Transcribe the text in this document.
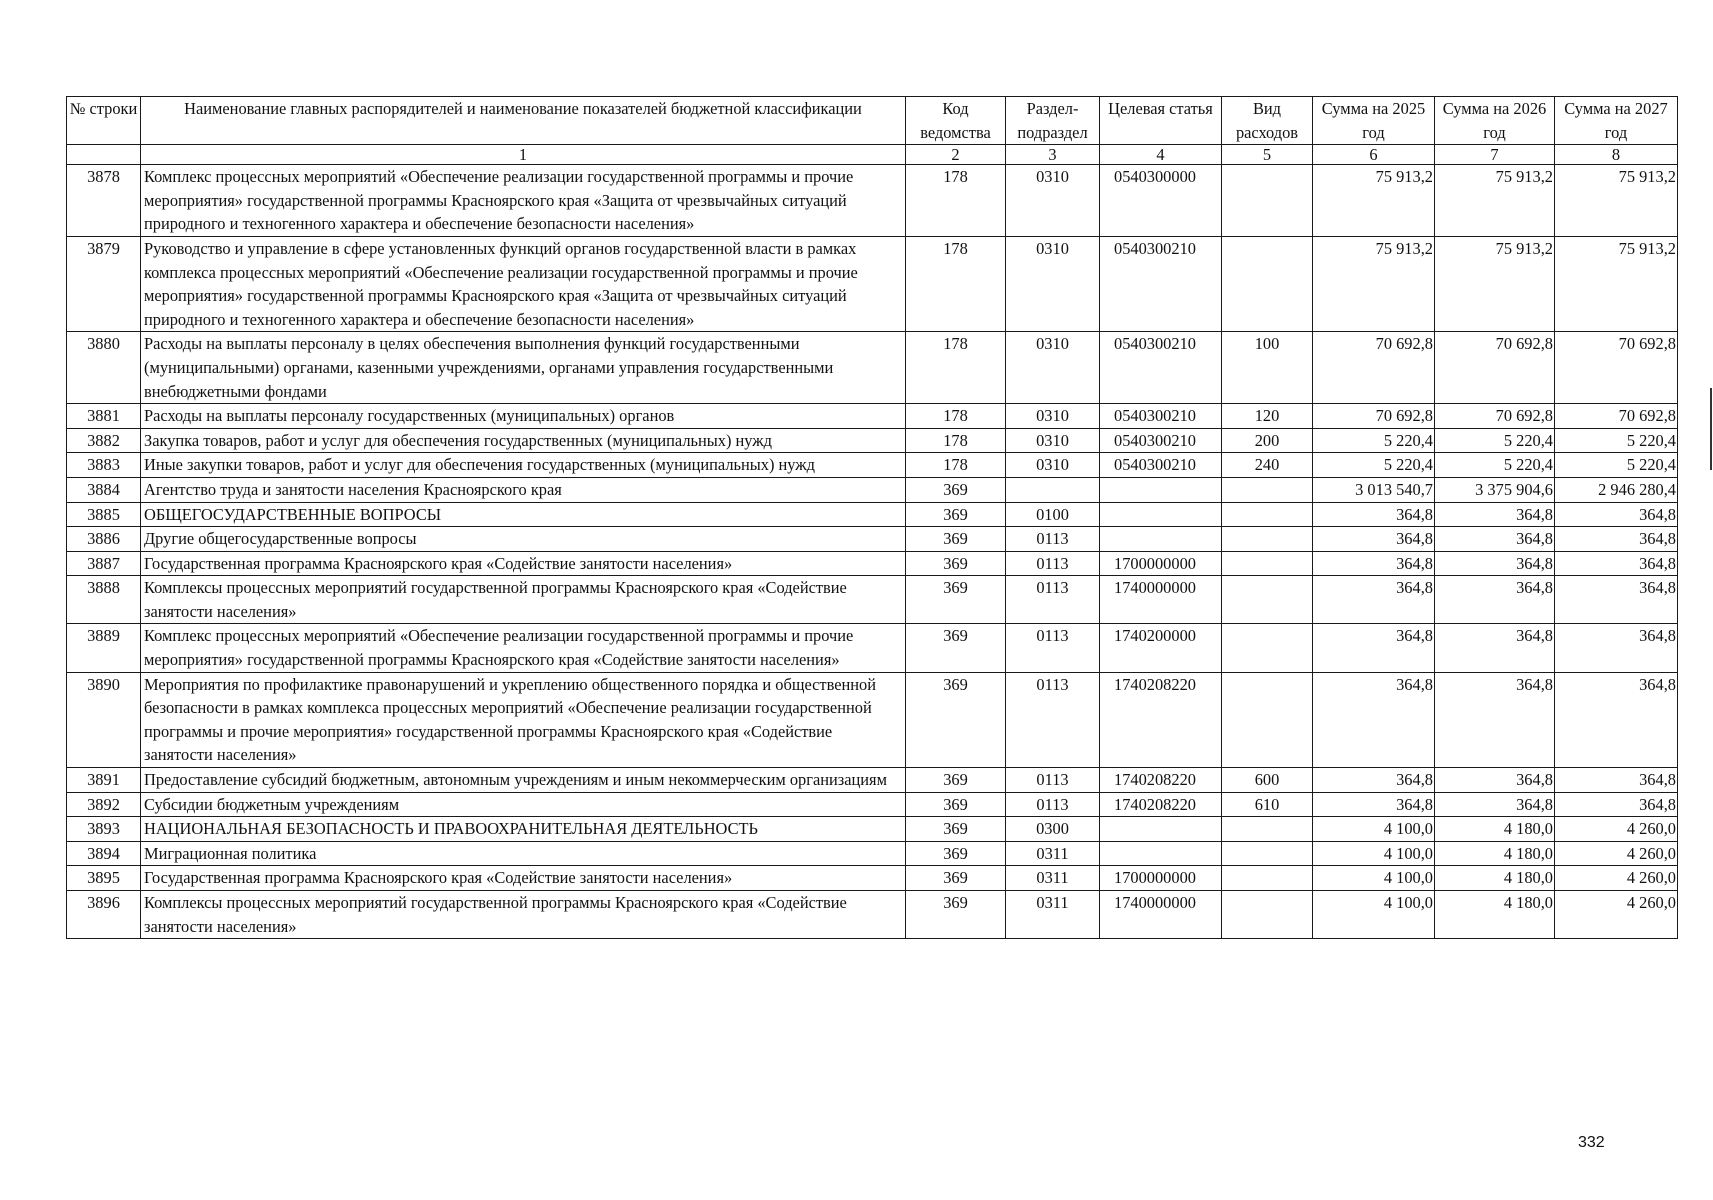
№ строки	Наименование главных распорядителей и наименование показателей бюджетной классификации	Код ведомства	Раздел-подраздел	Целевая статья	Вид расходов	Сумма на 2025 год	Сумма на 2026 год	Сумма на 2027 год
	1	2	3	4	5	6	7	8
3878	Комплекс процессных мероприятий «Обеспечение реализации государственной программы и прочие мероприятия» государственной программы Красноярского края «Защита от чрезвычайных ситуаций природного и техногенного характера и обеспечение безопасности населения»	178	0310	0540300000		75 913,2	75 913,2	75 913,2
3879	Руководство и управление в сфере установленных функций органов государственной власти в рамках комплекса процессных мероприятий «Обеспечение реализации государственной программы и прочие мероприятия» государственной программы Красноярского края «Защита от чрезвычайных ситуаций природного и техногенного характера и обеспечение безопасности населения»	178	0310	0540300210		75 913,2	75 913,2	75 913,2
3880	Расходы на выплаты персоналу в целях обеспечения выполнения функций государственными (муниципальными) органами, казенными учреждениями, органами управления государственными внебюджетными фондами	178	0310	0540300210	100	70 692,8	70 692,8	70 692,8
3881	Расходы на выплаты персоналу государственных (муниципальных) органов	178	0310	0540300210	120	70 692,8	70 692,8	70 692,8
3882	Закупка товаров, работ и услуг для обеспечения государственных (муниципальных) нужд	178	0310	0540300210	200	5 220,4	5 220,4	5 220,4
3883	Иные закупки товаров, работ и услуг для обеспечения государственных (муниципальных) нужд	178	0310	0540300210	240	5 220,4	5 220,4	5 220,4
3884	Агентство труда и занятости населения Красноярского края	369				3 013 540,7	3 375 904,6	2 946 280,4
3885	ОБЩЕГОСУДАРСТВЕННЫЕ ВОПРОСЫ	369	0100			364,8	364,8	364,8
3886	Другие общегосударственные вопросы	369	0113			364,8	364,8	364,8
3887	Государственная программа Красноярского края «Содействие занятости населения»	369	0113	1700000000		364,8	364,8	364,8
3888	Комплексы процессных мероприятий государственной программы Красноярского края «Содействие занятости населения»	369	0113	1740000000		364,8	364,8	364,8
3889	Комплекс процессных мероприятий «Обеспечение реализации государственной программы и прочие мероприятия» государственной программы Красноярского края «Содействие занятости населения»	369	0113	1740200000		364,8	364,8	364,8
3890	Мероприятия по профилактике правонарушений и укреплению общественного порядка и общественной безопасности в рамках комплекса процессных мероприятий «Обеспечение реализации государственной программы и прочие мероприятия» государственной программы Красноярского края «Содействие занятости населения»	369	0113	1740208220		364,8	364,8	364,8
3891	Предоставление субсидий бюджетным, автономным учреждениям и иным некоммерческим организациям	369	0113	1740208220	600	364,8	364,8	364,8
3892	Субсидии бюджетным учреждениям	369	0113	1740208220	610	364,8	364,8	364,8
3893	НАЦИОНАЛЬНАЯ БЕЗОПАСНОСТЬ И ПРАВООХРАНИТЕЛЬНАЯ ДЕЯТЕЛЬНОСТЬ	369	0300			4 100,0	4 180,0	4 260,0
3894	Миграционная политика	369	0311			4 100,0	4 180,0	4 260,0
3895	Государственная программа Красноярского края «Содействие занятости населения»	369	0311	1700000000		4 100,0	4 180,0	4 260,0
3896	Комплексы процессных мероприятий государственной программы Красноярского края «Содействие занятости населения»	369	0311	1740000000		4 100,0	4 180,0	4 260,0
332
